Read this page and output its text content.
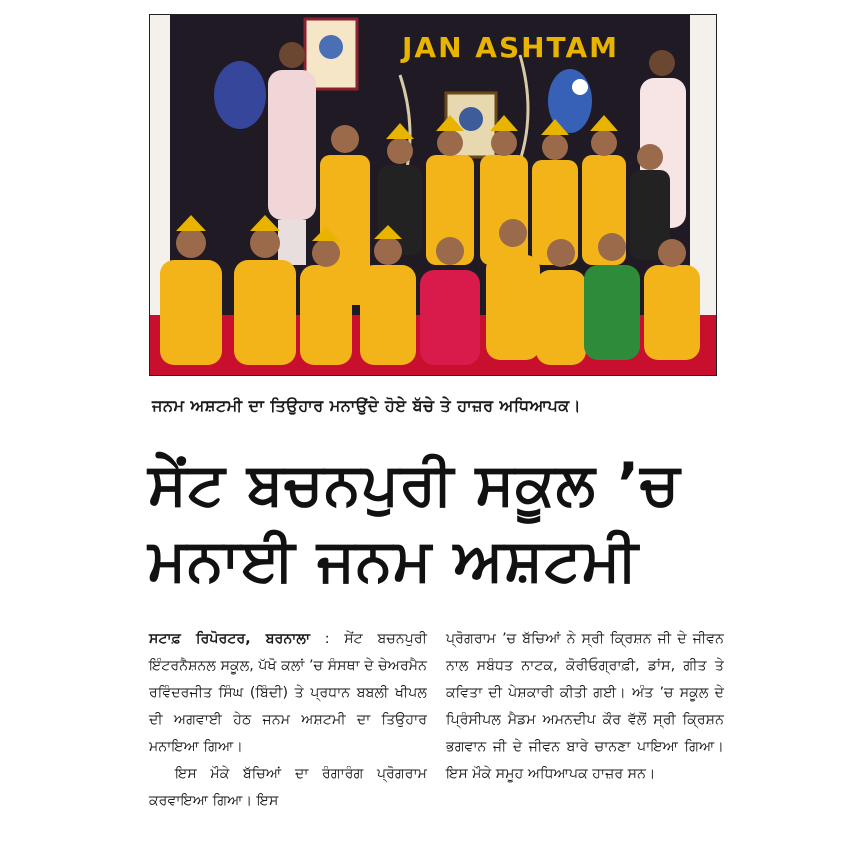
JAN ASHTAM
ਜਨਮ ਅਸ਼ਟਮੀ ਦਾ ਤਿਉਹਾਰ ਮਨਾਉਂਦੇ ਹੋਏ ਬੱਚੇ ਤੇ ਹਾਜ਼ਰ ਅਧਿਆਪਕ।
ਸੇਂਟ ਬਚਨਪੁਰੀ ਸਕੂਲ ’ਚ
ਮਨਾਈ ਜਨਮ ਅਸ਼ਟਮੀ

ਸਟਾਫ਼ ਰਿਪੋਰਟਰ, ਬਰਨਾਲਾ : ਸੇਂਟ ਬਚਨਪੁਰੀ ਇੰਟਰਨੈਸ਼ਨਲ ਸਕੂਲ, ਪੱਖੋ ਕਲਾਂ ’ਚ ਸੰਸਥਾ ਦੇ ਚੇਅਰਮੈਨ ਰਵਿੰਦਰਜੀਤ ਸਿੰਘ (ਬਿੰਦੀ) ਤੇ ਪ੍ਰਧਾਨ ਬਬਲੀ ਖੀਪਲ ਦੀ ਅਗਵਾਈ ਹੇਠ ਜਨਮ ਅਸ਼ਟਮੀ ਦਾ ਤਿਉਹਾਰ ਮਨਾਇਆ ਗਿਆ।

ਇਸ ਮੌਕੇ ਬੱਚਿਆਂ ਦਾ ਰੰਗਾਰੰਗ ਪ੍ਰੋਗਰਾਮ ਕਰਵਾਇਆ ਗਿਆ। ਇਸ

ਪ੍ਰੋਗਰਾਮ ’ਚ ਬੱਚਿਆਂ ਨੇ ਸ੍ਰੀ ਕ੍ਰਿਸ਼ਨ ਜੀ ਦੇ ਜੀਵਨ ਨਾਲ ਸਬੰਧਤ ਨਾਟਕ, ਕੋਰੀਓਗ੍ਰਾਫ਼ੀ, ਡਾਂਸ, ਗੀਤ ਤੇ ਕਵਿਤਾ ਦੀ ਪੇਸ਼ਕਾਰੀ ਕੀਤੀ ਗਈ। ਅੰਤ ’ਚ ਸਕੂਲ ਦੇ ਪ੍ਰਿੰਸੀਪਲ ਮੈਡਮ ਅਮਨਦੀਪ ਕੌਰ ਵੱਲੋਂ ਸ੍ਰੀ ਕ੍ਰਿਸ਼ਨ ਭਗਵਾਨ ਜੀ ਦੇ ਜੀਵਨ ਬਾਰੇ ਚਾਨਣਾ ਪਾਇਆ ਗਿਆ। ਇਸ ਮੌਕੇ ਸਮੂਹ ਅਧਿਆਪਕ ਹਾਜ਼ਰ ਸਨ।
